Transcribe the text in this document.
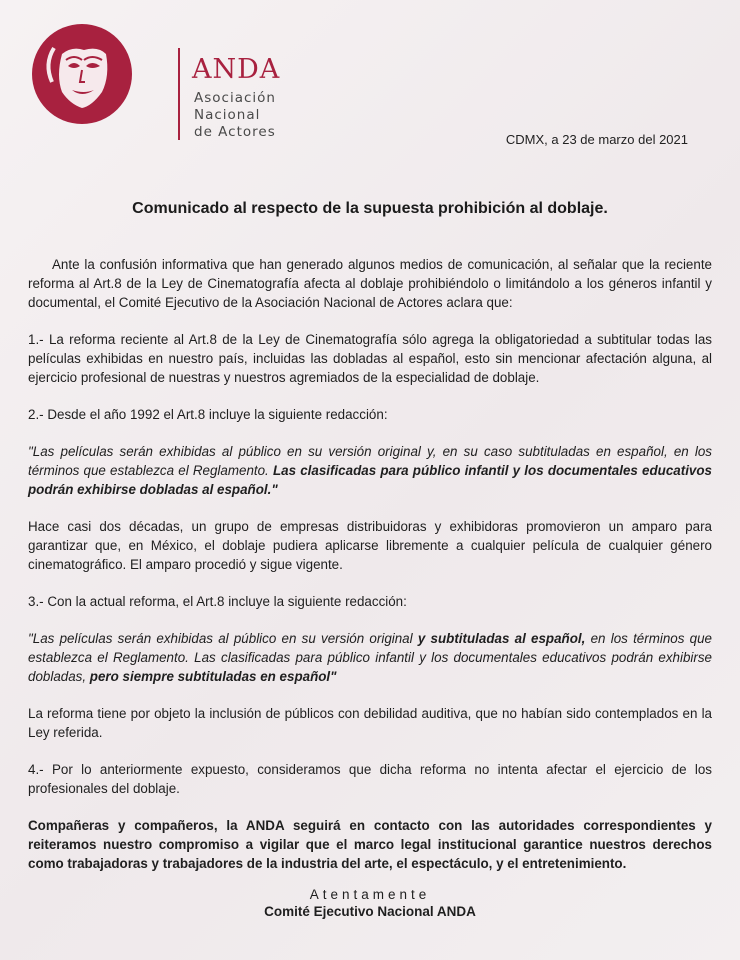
ANDA
Asociación
Nacional
de Actores	CDMX, a 23 de marzo del 2021
Comunicado al respecto de la supuesta prohibición al doblaje.

Ante la confusión informativa que han generado algunos medios de comunicación, al señalar que la reciente reforma al Art.8 de la Ley de Cinematografía afecta al doblaje prohibiéndolo o limitándolo a los géneros infantil y documental, el Comité Ejecutivo de la Asociación Nacional de Actores aclara que:

1.- La reforma reciente al Art.8 de la Ley de Cinematografía sólo agrega la obligatoriedad a subtitular todas las películas exhibidas en nuestro país, incluidas las dobladas al español, esto sin mencionar afectación alguna, al ejercicio profesional de nuestras y nuestros agremiados de la especialidad de doblaje.

2.- Desde el año 1992 el Art.8 incluye la siguiente redacción:

"Las películas serán exhibidas al público en su versión original y, en su caso subtituladas en español, en los términos que establezca el Reglamento. Las clasificadas para público infantil y los documentales educativos podrán exhibirse dobladas al español."

Hace casi dos décadas, un grupo de empresas distribuidoras y exhibidoras promovieron un amparo para garantizar que, en México, el doblaje pudiera aplicarse libremente a cualquier película de cualquier género cinematográfico. El amparo procedió y sigue vigente.

3.- Con la actual reforma, el Art.8 incluye la siguiente redacción:

"Las películas serán exhibidas al público en su versión original y subtituladas al español, en los términos que establezca el Reglamento. Las clasificadas para público infantil y los documentales educativos podrán exhibirse dobladas, pero siempre subtituladas en español"

La reforma tiene por objeto la inclusión de públicos con debilidad auditiva, que no habían sido contemplados en la Ley referida.

4.- Por lo anteriormente expuesto, consideramos que dicha reforma no intenta afectar el ejercicio de los profesionales del doblaje.

Compañeras y compañeros, la ANDA seguirá en contacto con las autoridades correspondientes y reiteramos nuestro compromiso a vigilar que el marco legal institucional garantice nuestros derechos como trabajadoras y trabajadores de la industria del arte, el espectáculo, y el entretenimiento.

Atentamente
Comité Ejecutivo Nacional ANDA
